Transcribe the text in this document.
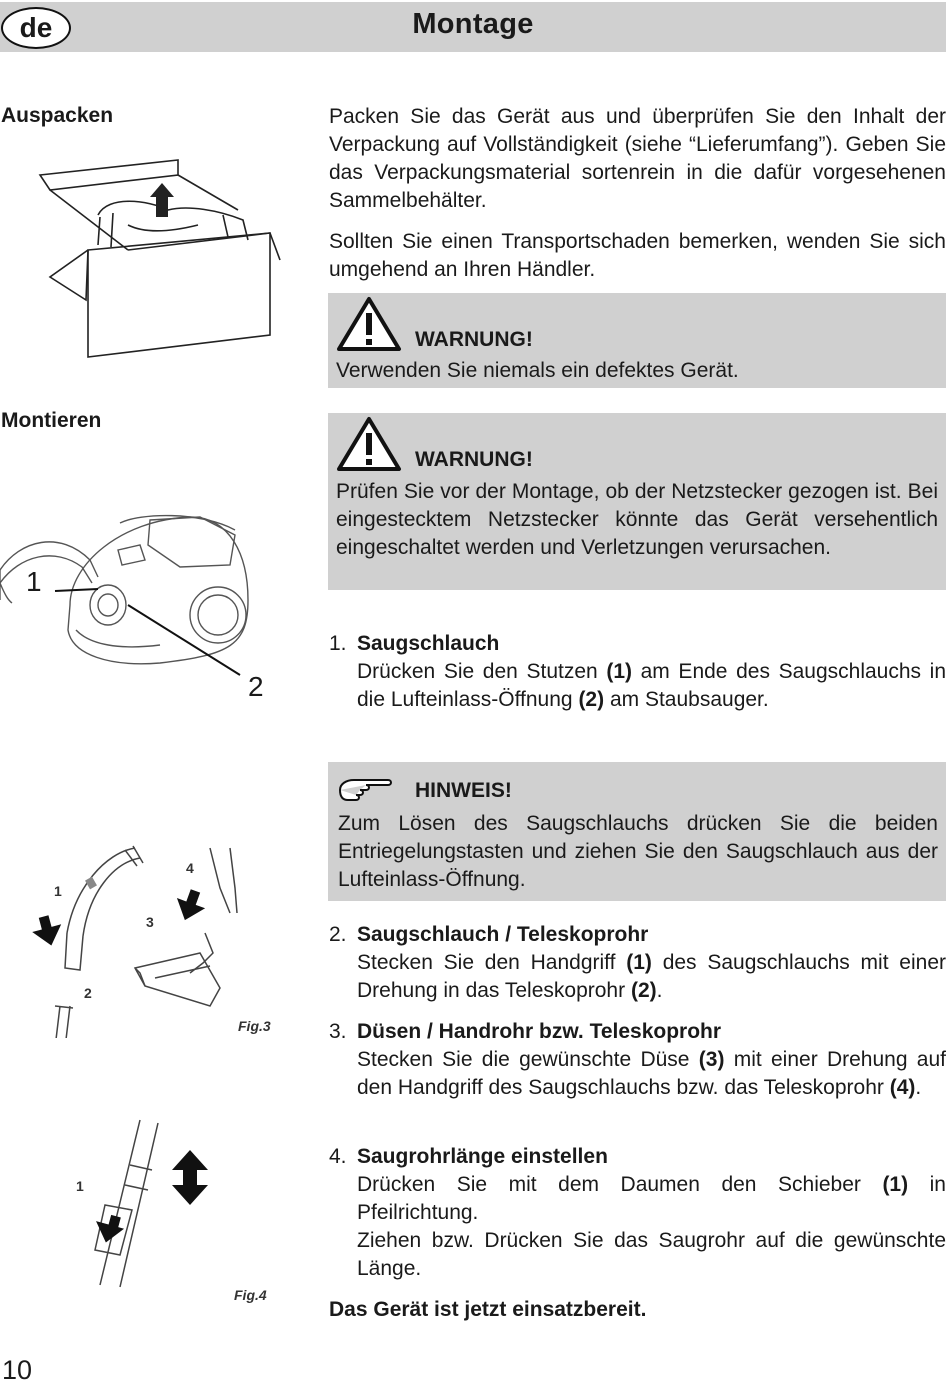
de	Montage
Auspacken	Packen Sie das Gerät aus und überprüfen Sie den Inhalt der Verpackung auf Vollständigkeit (siehe “Lieferumfang”). Geben Sie das Verpackungsmaterial sortenrein in die dafür vorgesehenen Sammelbehälter.
Sollten Sie einen Transportschaden bemerken, wenden Sie sich umgehend an Ihren Händler.
WARNUNG!
Verwenden Sie niemals ein defektes Gerät.
Montieren
WARNUNG!
Prüfen Sie vor der Montage, ob der Netzstecker gezogen ist. Bei eingestecktem Netzstecker könnte das Gerät versehentlich eingeschaltet werden und Verletzungen verursachen.
1
2
1. Saugschlauch
Drücken Sie den Stutzen (1) am Ende des Saugschlauchs in die Lufteinlass-Öffnung (2) am Staubsauger.
HINWEIS!
Zum Lösen des Saugschlauchs drücken Sie die beiden Entriegelungstasten und ziehen Sie den Saugschlauch aus der Lufteinlass-Öffnung.
1
2
3
4
Fig.3
1
Fig.4
2. Saugschlauch / Teleskoprohr
Stecken Sie den Handgriff (1) des Saugschlauchs mit einer Drehung in das Teleskoprohr (2).
3. Düsen / Handrohr bzw. Teleskoprohr
Stecken Sie die gewünschte Düse (3) mit einer Drehung auf den Handgriff des Saugschlauchs bzw. das Teleskoprohr (4).
4. Saugrohrlänge einstellen
Drücken Sie mit dem Daumen den Schieber (1) in Pfeilrichtung.
Ziehen bzw. Drücken Sie das Saugrohr auf die gewünschte Länge.
Das Gerät ist jetzt einsatzbereit.
10
